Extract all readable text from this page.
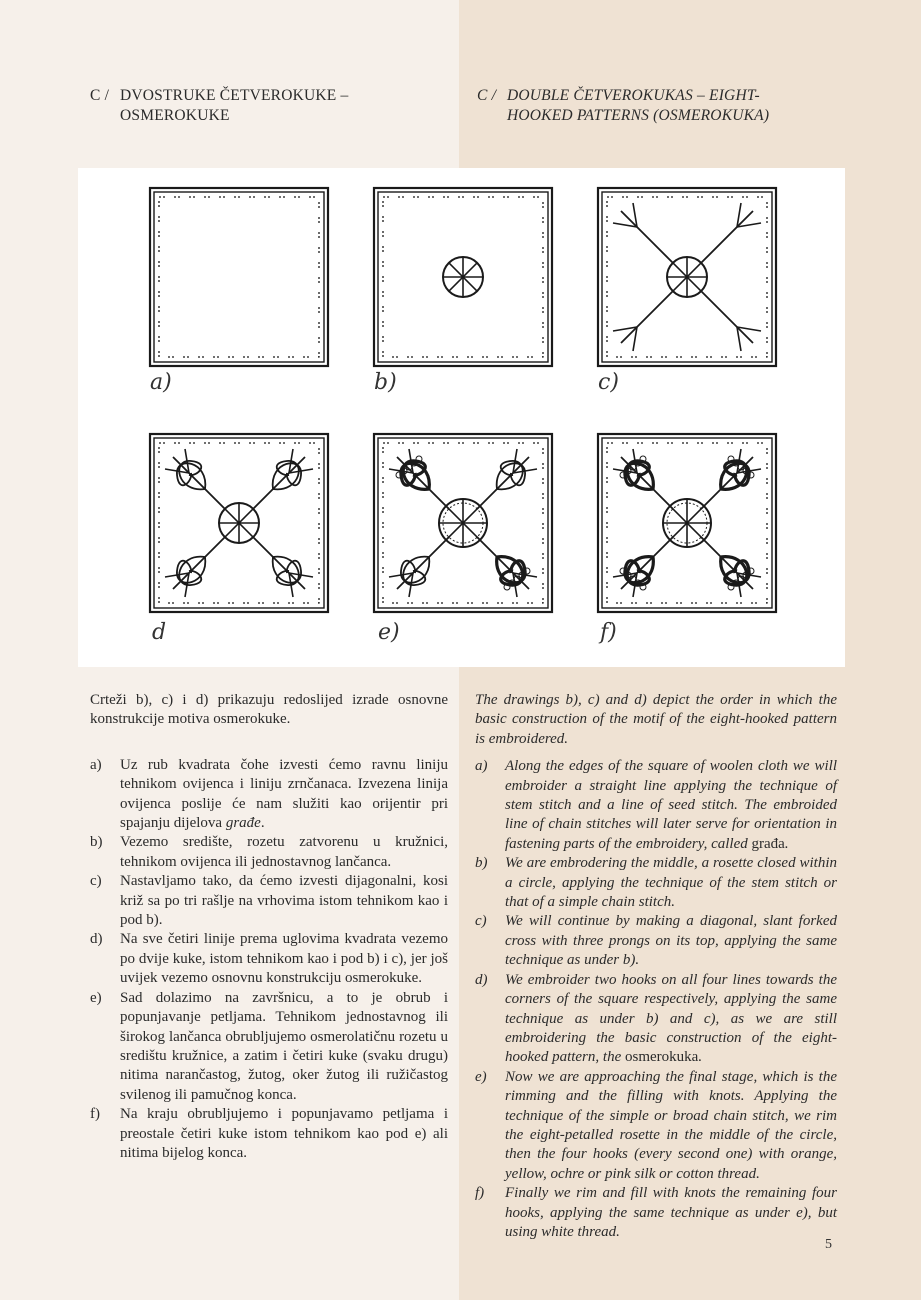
C / DVOSTRUKE ČETVEROKUKE – OSMEROKUKE
C / DOUBLE ČETVEROKUKAS – EIGHT-HOOKED PATTERNS (OSMEROKUKA)
a)	b)	c)
d	e)	f)

Crteži b), c) i d) prikazuju redoslijed izrade osnovne konstrukcije motiva osmerokuke.

a) Uz rub kvadrata čohe izvesti ćemo ravnu liniju tehnikom ovijenca i liniju zrnčanaca. Izvezena linija ovijenca poslije će nam služiti kao orijentir pri spajanju dijelova građe.
b) Vezemo središte, rozetu zatvorenu u kružnici, tehnikom ovijenca ili jednostavnog lančanca.
c) Nastavljamo tako, da ćemo izvesti dijagonalni, kosi križ sa po tri rašlje na vrhovima istom tehnikom kao i pod b).
d) Na sve četiri linije prema uglovima kvadrata vezemo po dvije kuke, istom tehnikom kao i pod b) i c), jer još uvijek vezemo osnovnu konstrukciju osmerokuke.
e) Sad dolazimo na završnicu, a to je obrub i popunjavanje petljama. Tehnikom jednostavnog ili širokog lančanca obrubljujemo osmerolatičnu rozetu u središtu kružnice, a zatim i četiri kuke (svaku drugu) nitima narančastog, žutog, oker žutog ili ružičastog svilenog ili pamučnog konca.
f) Na kraju obrubljujemo i popunjavamo petljama i preostale četiri kuke istom tehnikom kao pod e) ali nitima bijelog konca.

The drawings b), c) and d) depict the order in which the basic construction of the motif of the eight-hooked pattern is embroidered.

a) Along the edges of the square of woolen cloth we will embroider a straight line applying the technique of stem stitch and a line of seed stitch. The embroided line of chain stitches will later serve for orientation in fastening parts of the embroidery, called građa.
b) We are embrodering the middle, a rosette closed within a circle, applying the technique of the stem stitch or that of a simple chain stitch.
c) We will continue by making a diagonal, slant forked cross with three prongs on its top, applying the same technique as under b).
d) We embroider two hooks on all four lines towards the corners of the square respectively, applying the same technique as under b) and c), as we are still embroidering the basic construction of the eight-hooked pattern, the osmerokuka.
e) Now we are approaching the final stage, which is the rimming and the filling with knots. Applying the technique of the simple or broad chain stitch, we rim the eight-petalled rosette in the middle of the circle, then the four hooks (every second one) with orange, yellow, ochre or pink silk or cotton thread.
f) Finally we rim and fill with knots the remaining four hooks, applying the same technique as under e), but using white thread.
5
